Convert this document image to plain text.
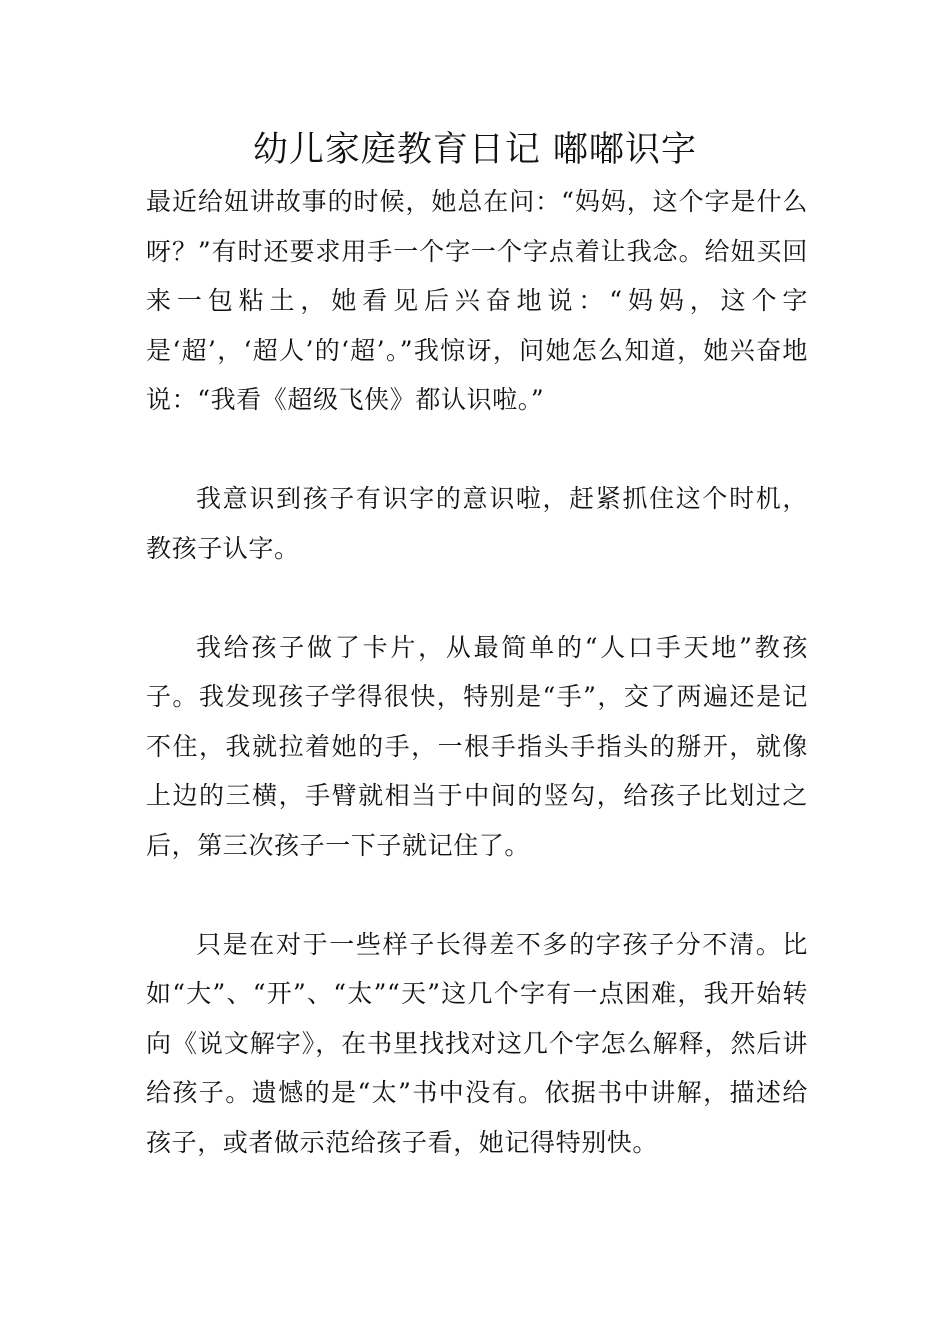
幼儿家庭教育日记 嘟嘟识字

最近给妞讲故事的时候，她总在问：“妈妈，这个字是什么呀？”有时还要求用手一个字一个字点着让我念。给妞买回来一包粘土，她看见后兴奋地说：“妈妈，这个字是‘超’，‘超人’的‘超’。”我惊讶，问她怎么知道，她兴奋地说：“我看《超级飞侠》都认识啦。”

我意识到孩子有识字的意识啦，赶紧抓住这个时机，教孩子认字。

我给孩子做了卡片，从最简单的“人口手天地”教孩子。我发现孩子学得很快，特别是“手”，交了两遍还是记不住，我就拉着她的手，一根手指头手指头的掰开，就像上边的三横，手臂就相当于中间的竖勾，给孩子比划过之后，第三次孩子一下子就记住了。

只是在对于一些样子长得差不多的字孩子分不清。比如“大”、“开”、“太”“天”这几个字有一点困难，我开始转向《说文解字》，在书里找找对这几个字怎么解释，然后讲给孩子。遗憾的是“太”书中没有。依据书中讲解，描述给孩子，或者做示范给孩子看，她记得特别快。
